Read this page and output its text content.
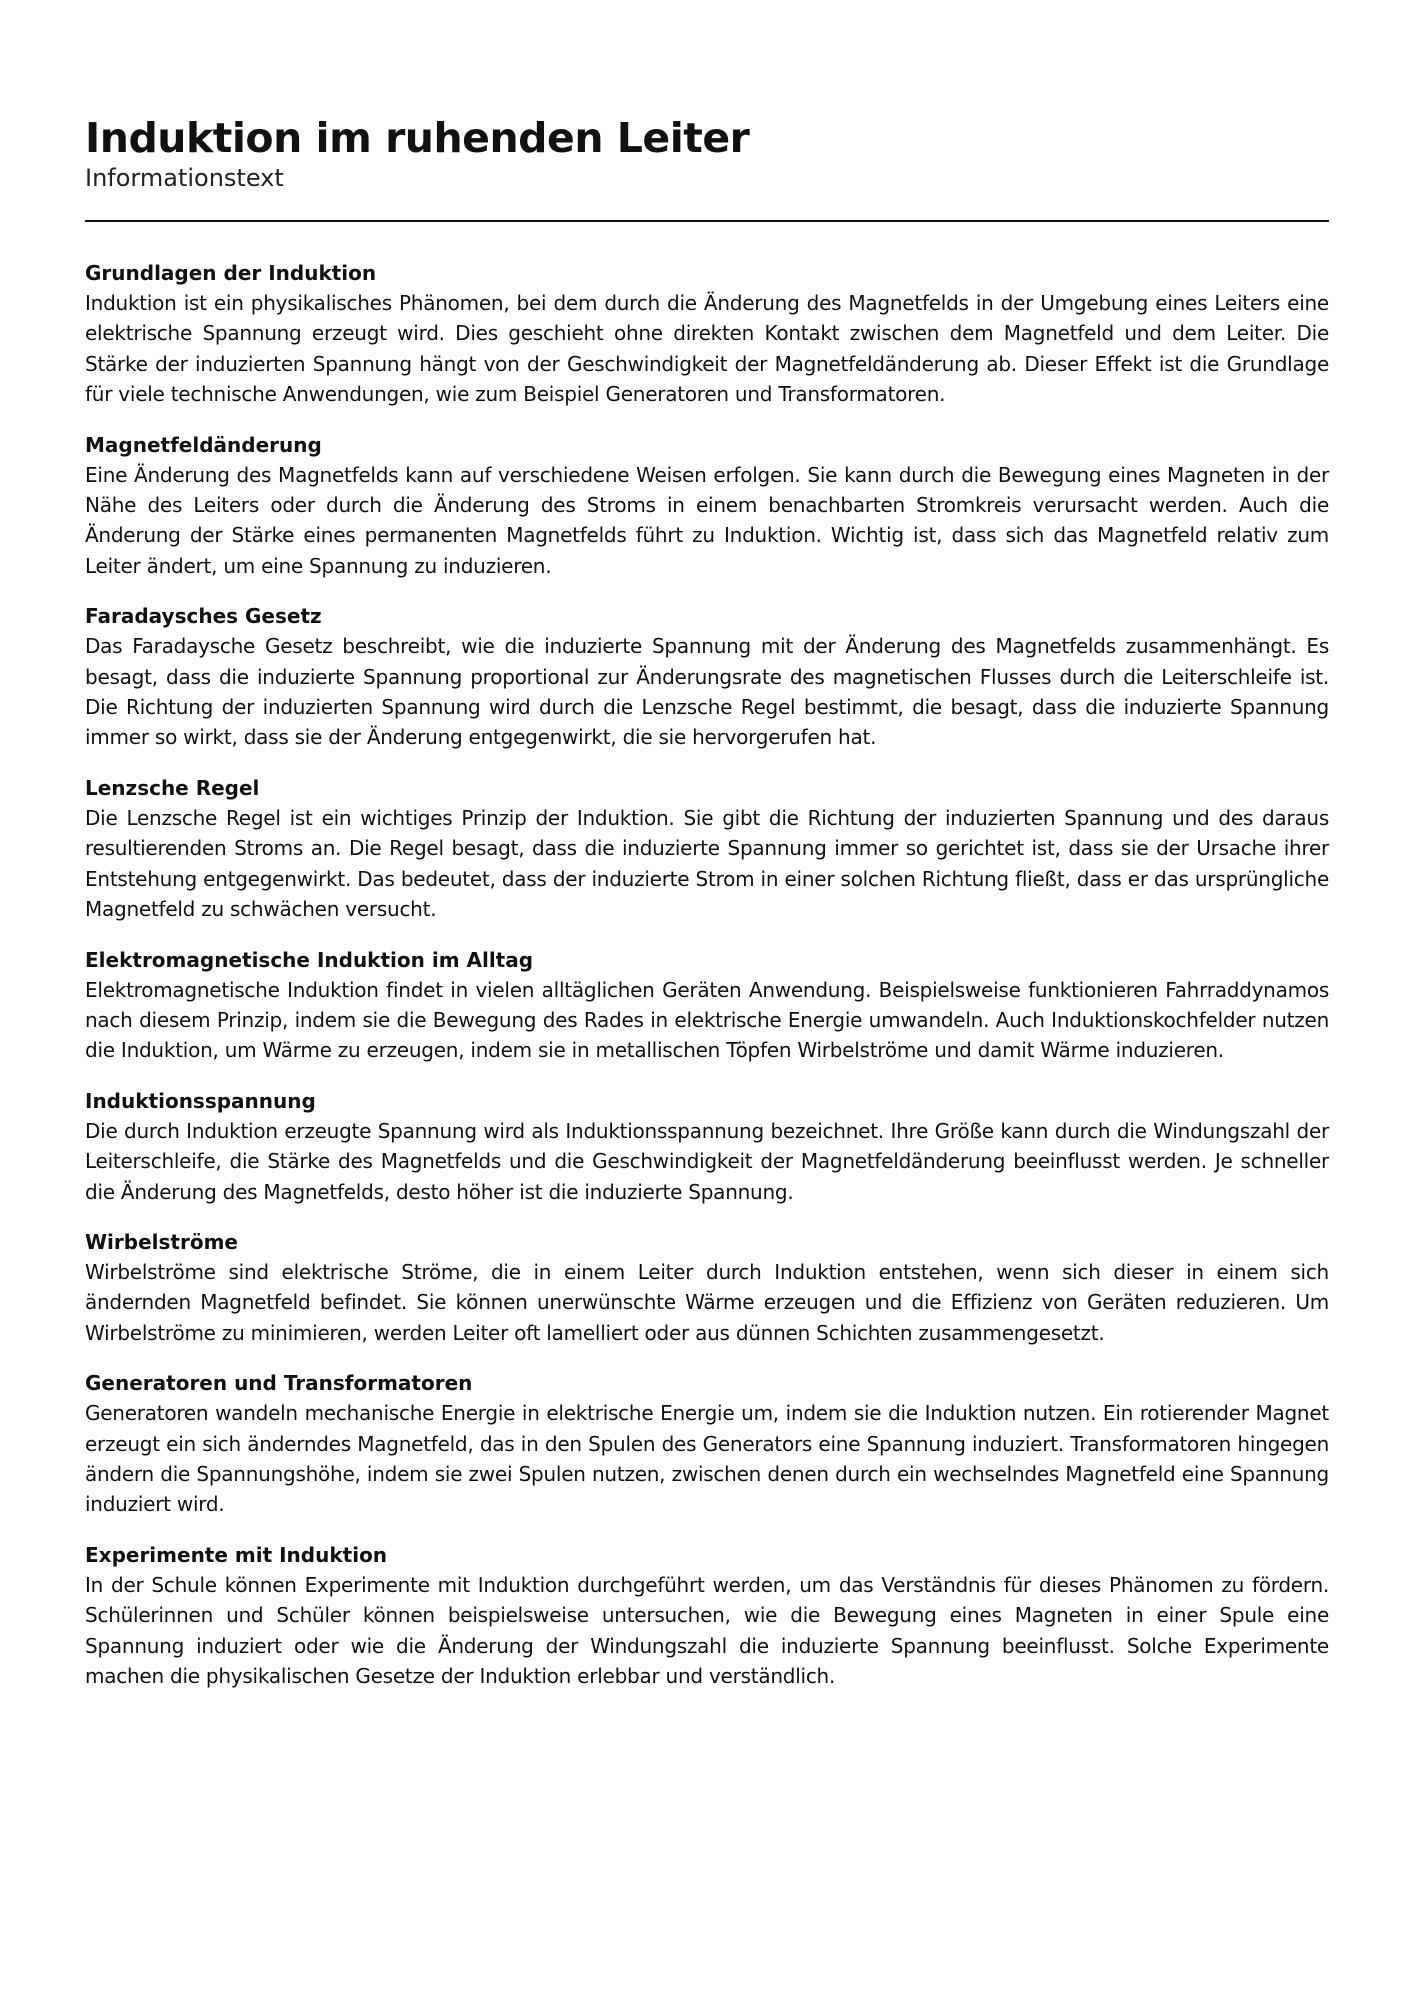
Induktion im ruhenden Leiter
Informationstext

Grundlagen der Induktion

Induktion ist ein physikalisches Phänomen, bei dem durch die Änderung des Magnetfelds in der Umgebung eines Leiters eine elektrische Spannung erzeugt wird. Dies geschieht ohne direkten Kontakt zwischen dem Magnetfeld und dem Leiter. Die Stärke der induzierten Spannung hängt von der Geschwindigkeit der Magnetfeldänderung ab. Dieser Effekt ist die Grundlage für viele technische Anwendungen, wie zum Beispiel Generatoren und Transformatoren.

Magnetfeldänderung

Eine Änderung des Magnetfelds kann auf verschiedene Weisen erfolgen. Sie kann durch die Bewegung eines Magneten in der Nähe des Leiters oder durch die Änderung des Stroms in einem benachbarten Stromkreis verursacht werden. Auch die Änderung der Stärke eines permanenten Magnetfelds führt zu Induktion. Wichtig ist, dass sich das Magnetfeld relativ zum Leiter ändert, um eine Spannung zu induzieren.

Faradaysches Gesetz

Das Faradaysche Gesetz beschreibt, wie die induzierte Spannung mit der Änderung des Magnetfelds zusammenhängt. Es besagt, dass die induzierte Spannung proportional zur Änderungsrate des magnetischen Flusses durch die Leiterschleife ist. Die Richtung der induzierten Spannung wird durch die Lenzsche Regel bestimmt, die besagt, dass die induzierte Spannung immer so wirkt, dass sie der Änderung entgegenwirkt, die sie hervorgerufen hat.

Lenzsche Regel

Die Lenzsche Regel ist ein wichtiges Prinzip der Induktion. Sie gibt die Richtung der induzierten Spannung und des daraus resultierenden Stroms an. Die Regel besagt, dass die induzierte Spannung immer so gerichtet ist, dass sie der Ursache ihrer Entstehung entgegenwirkt. Das bedeutet, dass der induzierte Strom in einer solchen Richtung fließt, dass er das ursprüngliche Magnetfeld zu schwächen versucht.

Elektromagnetische Induktion im Alltag

Elektromagnetische Induktion findet in vielen alltäglichen Geräten Anwendung. Beispielsweise funktionieren Fahrraddynamos nach diesem Prinzip, indem sie die Bewegung des Rades in elektrische Energie umwandeln. Auch Induktionskochfelder nutzen die Induktion, um Wärme zu erzeugen, indem sie in metallischen Töpfen Wirbelströme und damit Wärme induzieren.

Induktionsspannung

Die durch Induktion erzeugte Spannung wird als Induktionsspannung bezeichnet. Ihre Größe kann durch die Windungszahl der Leiterschleife, die Stärke des Magnetfelds und die Geschwindigkeit der Magnetfeldänderung beeinflusst werden. Je schneller die Änderung des Magnetfelds, desto höher ist die induzierte Spannung.

Wirbelströme

Wirbelströme sind elektrische Ströme, die in einem Leiter durch Induktion entstehen, wenn sich dieser in einem sich ändernden Magnetfeld befindet. Sie können unerwünschte Wärme erzeugen und die Effizienz von Geräten reduzieren. Um Wirbelströme zu minimieren, werden Leiter oft lamelliert oder aus dünnen Schichten zusammengesetzt.

Generatoren und Transformatoren

Generatoren wandeln mechanische Energie in elektrische Energie um, indem sie die Induktion nutzen. Ein rotierender Magnet erzeugt ein sich änderndes Magnetfeld, das in den Spulen des Generators eine Spannung induziert. Transformatoren hingegen ändern die Spannungshöhe, indem sie zwei Spulen nutzen, zwischen denen durch ein wechselndes Magnetfeld eine Spannung induziert wird.

Experimente mit Induktion

In der Schule können Experimente mit Induktion durchgeführt werden, um das Verständnis für dieses Phänomen zu fördern. Schülerinnen und Schüler können beispielsweise untersuchen, wie die Bewegung eines Magneten in einer Spule eine Spannung induziert oder wie die Änderung der Windungszahl die induzierte Spannung beeinflusst. Solche Experimente machen die physikalischen Gesetze der Induktion erlebbar und verständlich.
